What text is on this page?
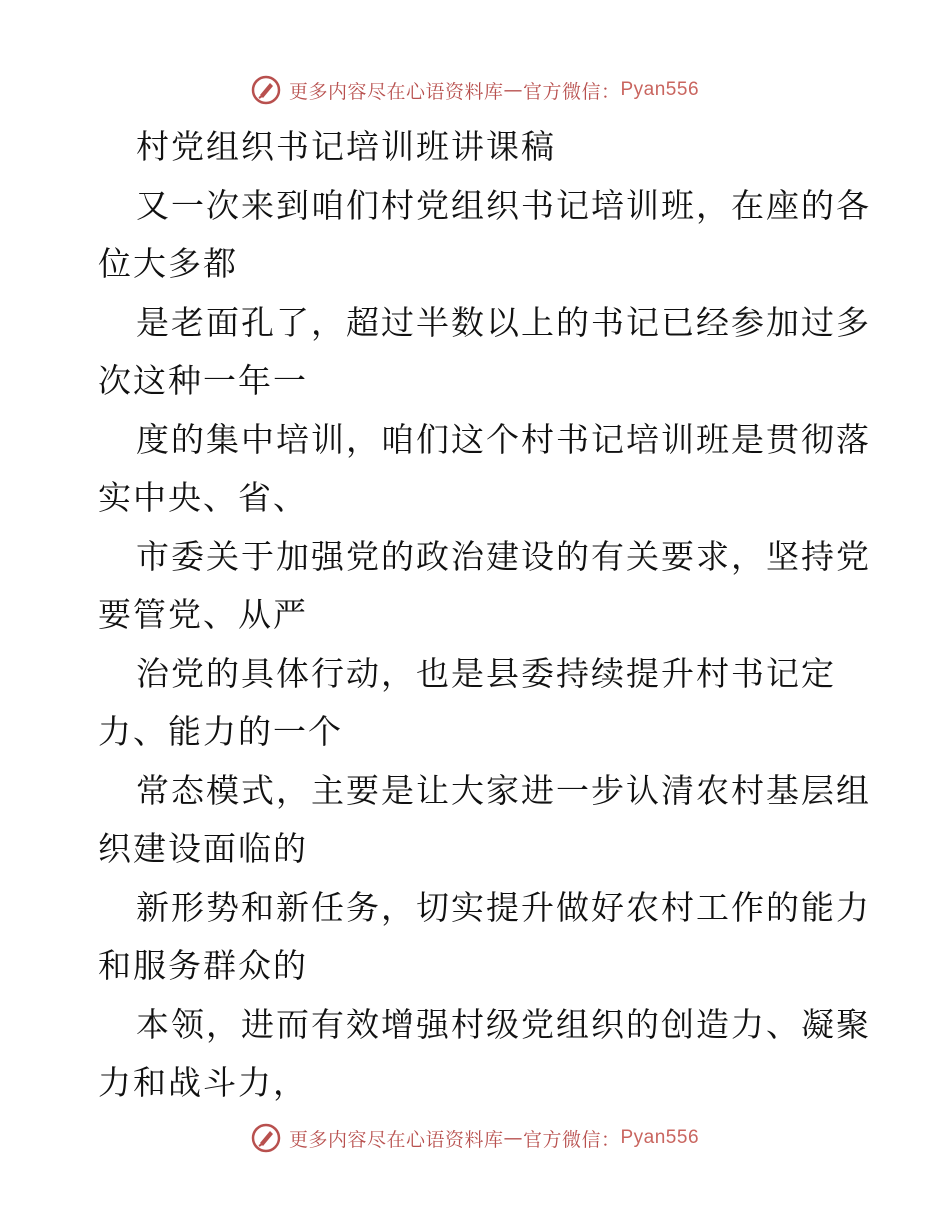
更多内容尽在心语资料库 — 官方微信： Pyan556
村党组织书记培训班讲课稿
又一次来到咱们村党组织书记培训班，在座的各
位大多都
是老面孔了，超过半数以上的书记已经参加过多
次这种一年一
度的集中培训，咱们这个村书记培训班是贯彻落
实中央、省、
市委关于加强党的政治建设的有关要求，坚持党
要管党、从严
治党的具体行动，也是县委持续提升村书记定
力、能力的一个
常态模式，主要是让大家进一步认清农村基层组
织建设面临的
新形势和新任务，切实提升做好农村工作的能力
和服务群众的
本领，进而有效增强村级党组织的创造力、凝聚
力和战斗力，
更多内容尽在心语资料库 — 官方微信： Pyan556
